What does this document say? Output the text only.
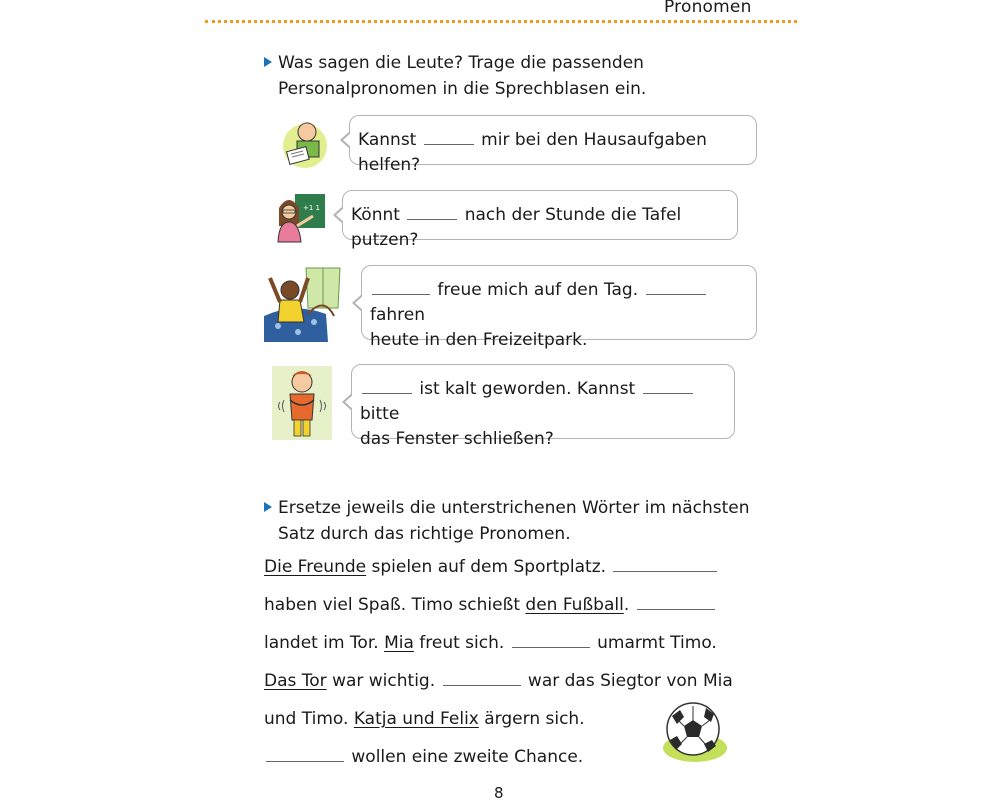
Pronomen
Was sagen die Leute? Trage die passenden
Personalpronomen in die Sprechblasen ein.
Kannst	mir bei den Hausaufgaben helfen?
+1 1	Könnt	nach der Stunde die Tafel putzen?
freue mich auf den Tag.  fahren
heute in den Freizeitpark.
ist kalt geworden. Kannst  bitte
das Fenster schließen?
Ersetze jeweils die unterstrichenen Wörter im nächsten
Satz durch das richtige Pronomen.
Die Freunde spielen auf dem Sportplatz.
haben viel Spaß. Timo schießt den Fußball.
landet im Tor. Mia freut sich.	umarmt Timo.
Das Tor war wichtig.	war das Siegtor von Mia
und Timo. Katja und Felix ärgern sich.
wollen eine zweite Chance.
8
